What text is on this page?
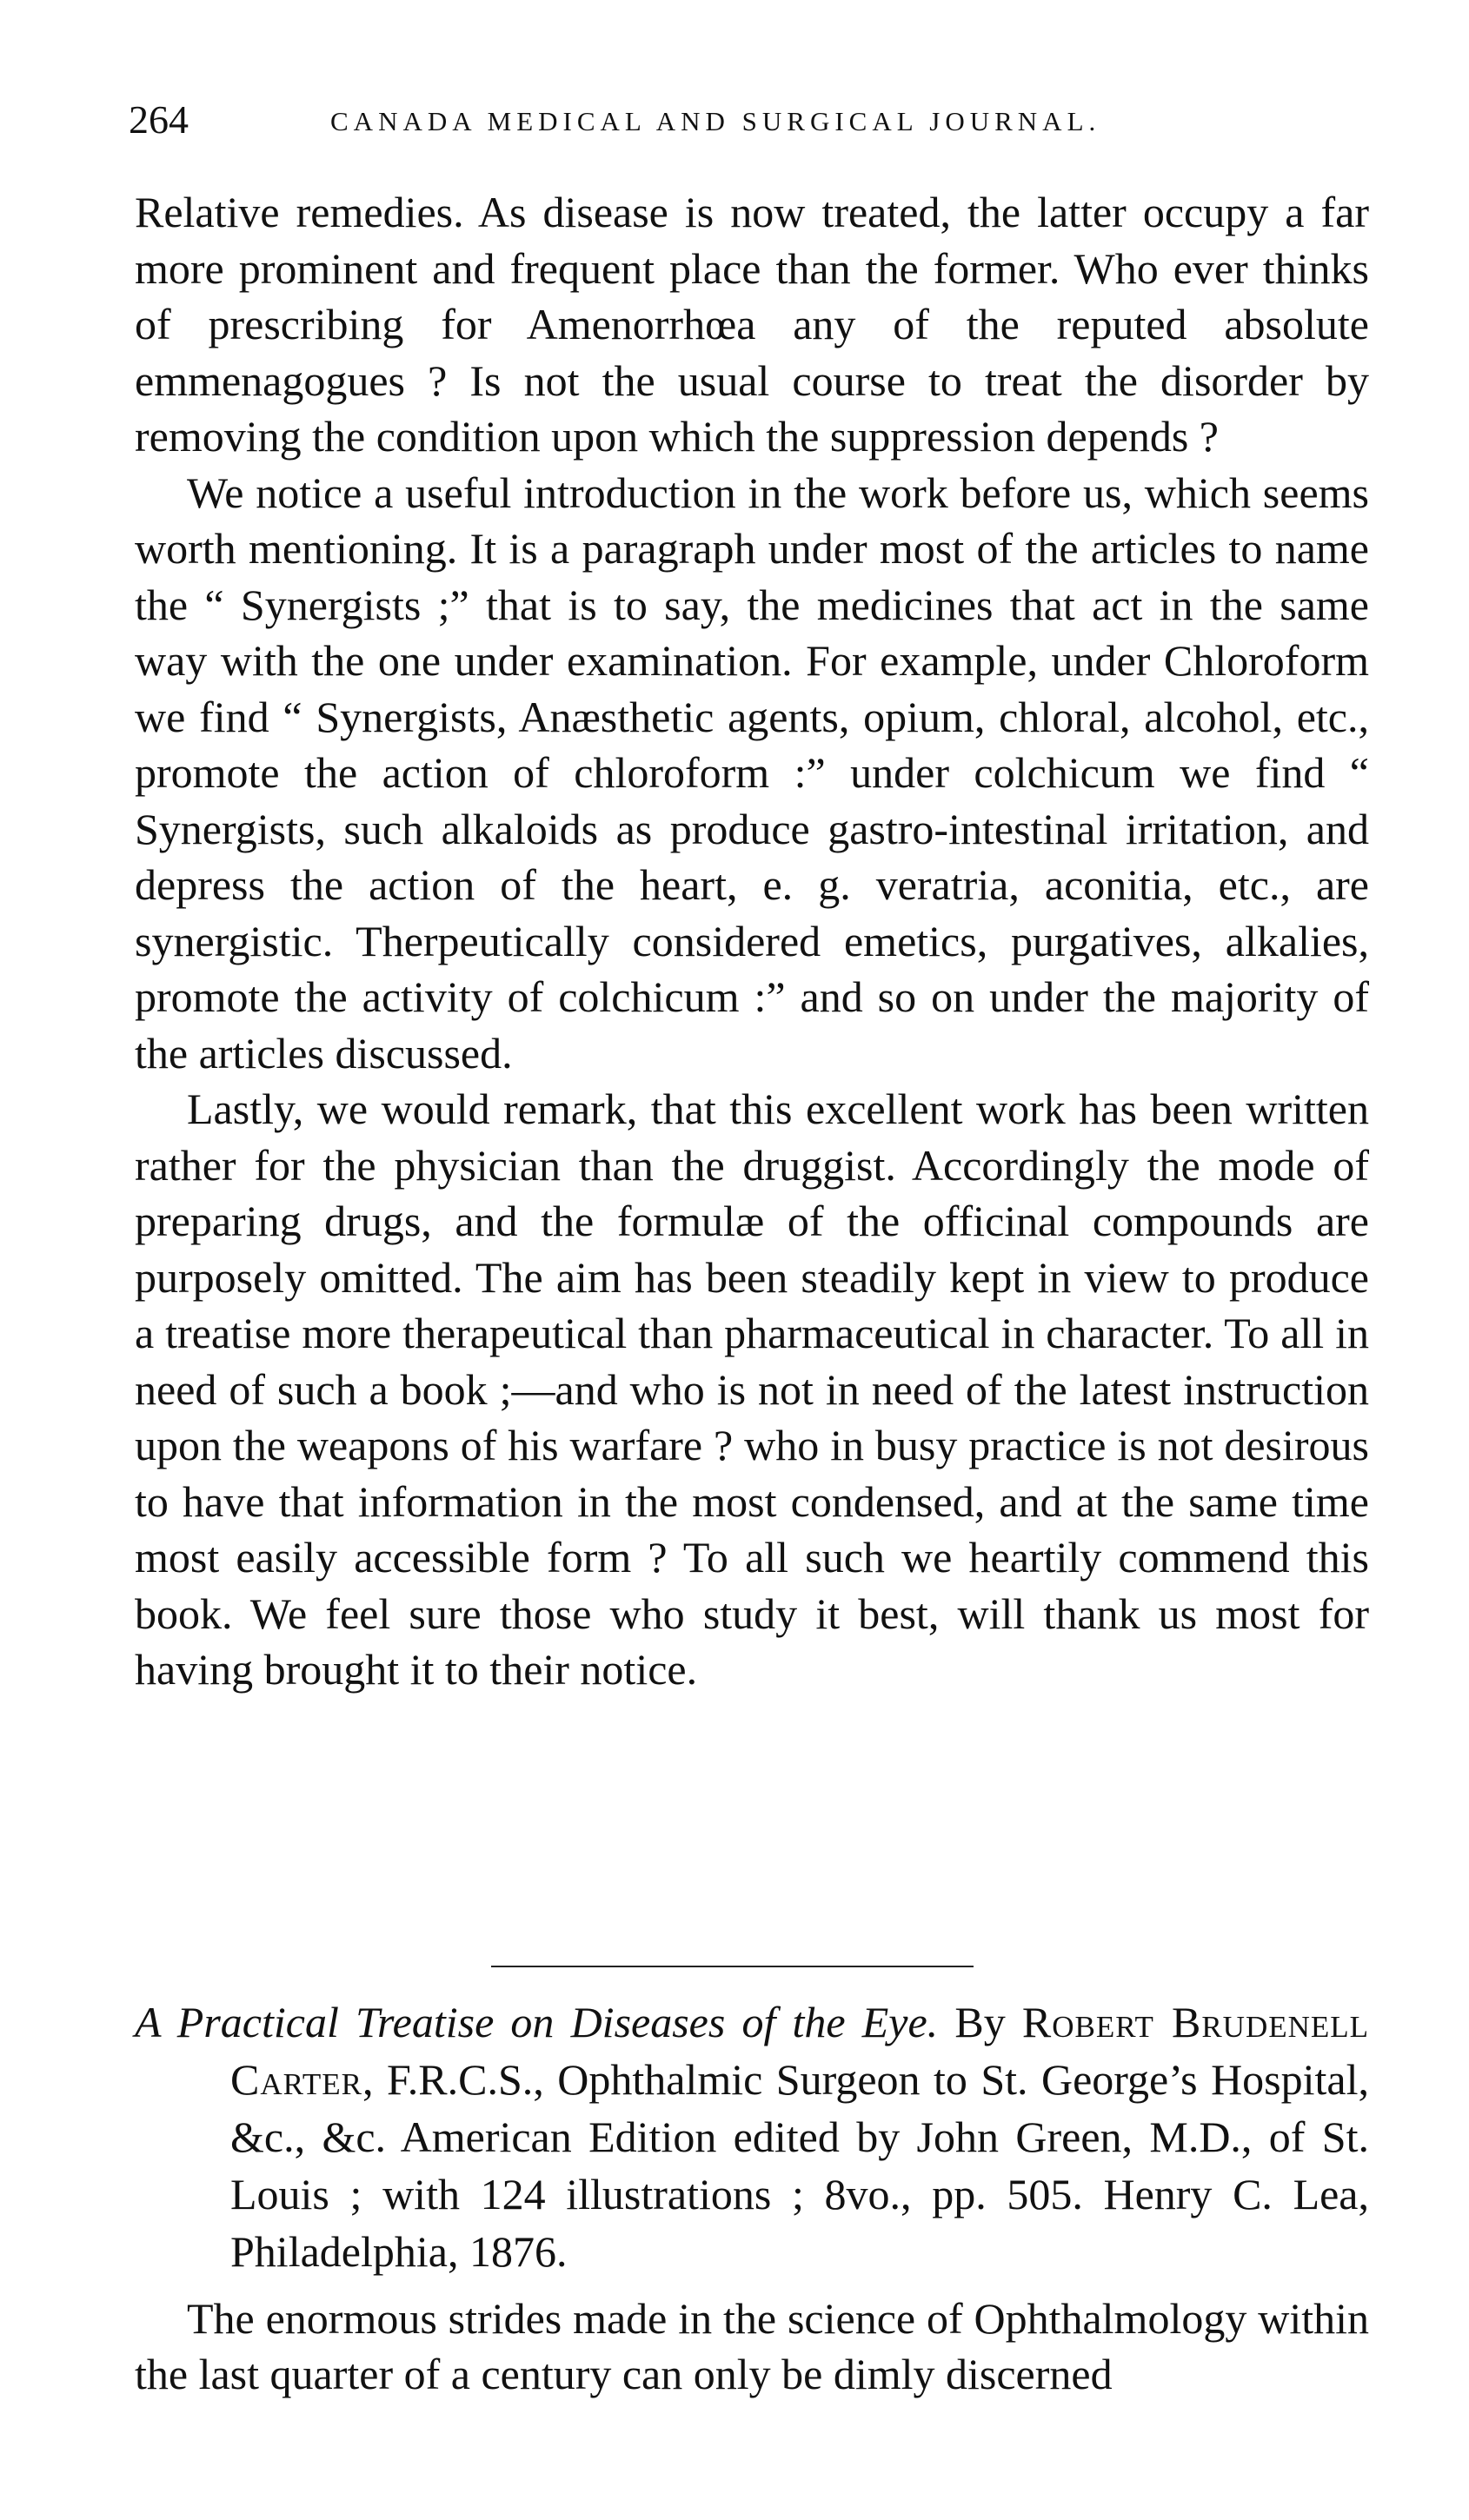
264	CANADA MEDICAL AND SURGICAL JOURNAL.

Relative remedies. As disease is now treated, the latter occupy a far more prominent and frequent place than the former. Who ever thinks of prescribing for Amenorrhœa any of the reputed absolute emmenagogues ? Is not the usual course to treat the disorder by removing the condition upon which the suppression depends ?

We notice a useful introduction in the work before us, which seems worth mentioning. It is a paragraph under most of the articles to name the “ Synergists ;” that is to say, the medicines that act in the same way with the one under examination. For example, under Chloroform we find “ Synergists, Anæsthetic agents, opium, chloral, alcohol, etc., promote the action of chloroform :” under colchicum we find “ Synergists, such alkaloids as produce gastro-intestinal irritation, and depress the action of the heart, e. g. veratria, aconitia, etc., are synergistic. Therpeutically considered emetics, purgatives, alkalies, promote the activity of colchicum :” and so on under the majority of the articles discussed.

Lastly, we would remark, that this excellent work has been written rather for the physician than the druggist. Accordingly the mode of preparing drugs, and the formulæ of the officinal compounds are purposely omitted. The aim has been steadily kept in view to produce a treatise more therapeutical than pharmaceutical in character. To all in need of such a book ;—and who is not in need of the latest instruction upon the weapons of his warfare ? who in busy practice is not desirous to have that information in the most condensed, and at the same time most easily accessible form ? To all such we heartily commend this book. We feel sure those who study it best, will thank us most for having brought it to their notice.

A Practical Treatise on Diseases of the Eye. By Robert Brudenell Carter, F.R.C.S., Ophthalmic Surgeon to St. George’s Hospital, &c., &c. American Edition edited by John Green, M.D., of St. Louis ; with 124 illustrations ; 8vo., pp. 505. Henry C. Lea, Philadelphia, 1876.

The enormous strides made in the science of Ophthalmology within the last quarter of a century can only be dimly discerned
